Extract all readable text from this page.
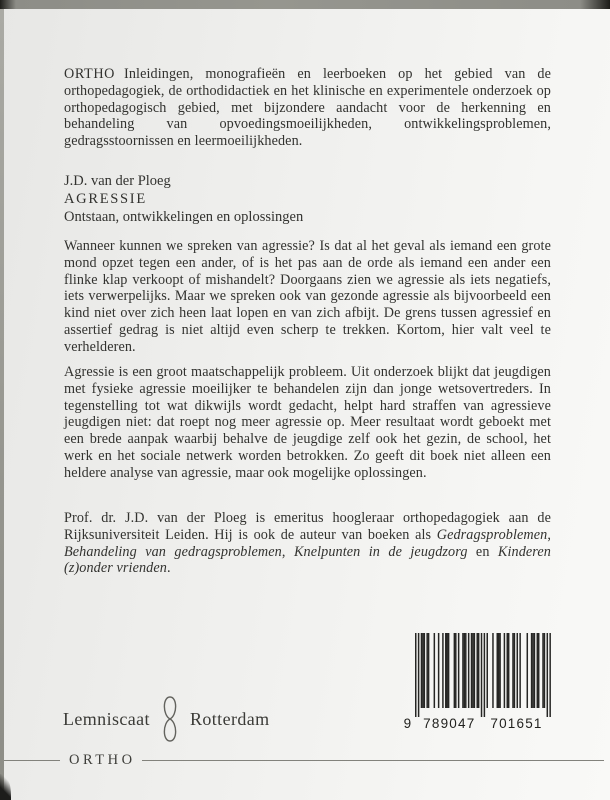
ORTHO Inleidingen, monografieën en leerboeken op het gebied van de orthopedagogiek, de orthodidactiek en het klinische en experimentele onderzoek op orthopedagogisch gebied, met bijzondere aandacht voor de herkenning en behandeling van opvoedingsmoeilijkheden, ontwikkelingsproblemen, gedragsstoornissen en leermoeilijkheden.

J.D. van der Ploeg
AGRESSIE
Ontstaan, ontwikkelingen en oplossingen

Wanneer kunnen we spreken van agressie? Is dat al het geval als iemand een grote mond opzet tegen een ander, of is het pas aan de orde als iemand een ander een flinke klap verkoopt of mishandelt? Doorgaans zien we agressie als iets negatiefs, iets verwerpelijks. Maar we spreken ook van gezonde agressie als bijvoorbeeld een kind niet over zich heen laat lopen en van zich afbijt. De grens tussen agressief en assertief gedrag is niet altijd even scherp te trekken. Kortom, hier valt veel te verhelderen.

Agressie is een groot maatschappelijk probleem. Uit onderzoek blijkt dat jeugdigen met fysieke agressie moeilijker te behandelen zijn dan jonge wetsovertreders. In tegenstelling tot wat dikwijls wordt gedacht, helpt hard straffen van agressieve jeugdigen niet: dat roept nog meer agressie op. Meer resultaat wordt geboekt met een brede aanpak waarbij behalve de jeugdige zelf ook het gezin, de school, het werk en het sociale netwerk worden betrokken. Zo geeft dit boek niet alleen een heldere analyse van agressie, maar ook mogelijke oplossingen.

Prof. dr. J.D. van der Ploeg is emeritus hoogleraar orthopedagogiek aan de Rijksuniversiteit Leiden. Hij is ook de auteur van boeken als Gedragsproblemen, Behandeling van gedragsproblemen, Knelpunten in de jeugdzorg en Kinderen (z)onder vrienden.

Lemniscaat Rotterdam	9 789047 701651
ORTHO
